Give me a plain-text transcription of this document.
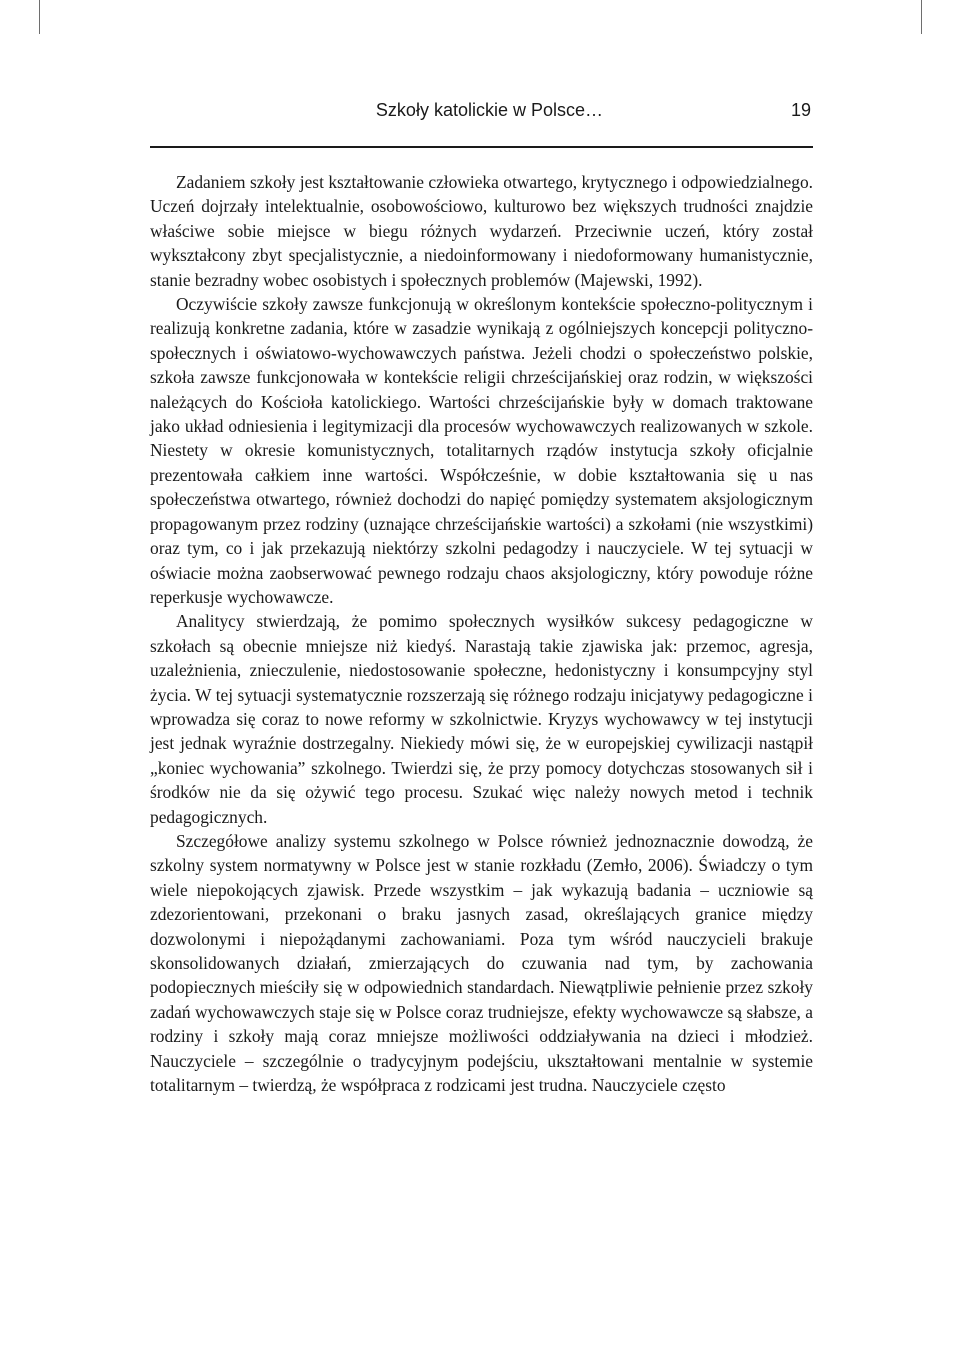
Szkoły katolickie w Polsce…	19

Zadaniem szkoły jest kształtowanie człowieka otwartego, krytycznego i odpowiedzialnego. Uczeń dojrzały intelektualnie, osobowościowo, kulturowo bez większych trudności znajdzie właściwe sobie miejsce w biegu różnych wydarzeń. Przeciwnie uczeń, który został wykształcony zbyt specjalistycznie, a niedoinformowany i niedoformowany humanistycznie, stanie bezradny wobec osobistych i społecznych problemów (Majewski, 1992).

Oczywiście szkoły zawsze funkcjonują w określonym kontekście społeczno-politycznym i realizują konkretne zadania, które w zasadzie wynikają z ogólniejszych koncepcji polityczno-społecznych i oświatowo-wychowawczych państwa. Jeżeli chodzi o społeczeństwo polskie, szkoła zawsze funkcjonowała w kontekście religii chrześcijańskiej oraz rodzin, w większości należących do Kościoła katolickiego. Wartości chrześcijańskie były w domach traktowane jako układ odniesienia i legitymizacji dla procesów wychowawczych realizowanych w szkole. Niestety w okresie komunistycznych, totalitarnych rządów instytucja szkoły oficjalnie prezentowała całkiem inne wartości. Współcześnie, w dobie kształtowania się u nas społeczeństwa otwartego, również dochodzi do napięć pomiędzy systematem aksjologicznym propagowanym przez rodziny (uznające chrześcijańskie wartości) a szkołami (nie wszystkimi) oraz tym, co i jak przekazują niektórzy szkolni pedagodzy i nauczyciele. W tej sytuacji w oświacie można zaobserwować pewnego rodzaju chaos aksjologiczny, który powoduje różne reperkusje wychowawcze.

Analitycy stwierdzają, że pomimo społecznych wysiłków sukcesy pedagogiczne w szkołach są obecnie mniejsze niż kiedyś. Narastają takie zjawiska jak: przemoc, agresja, uzależnienia, znieczulenie, niedostosowanie społeczne, hedonistyczny i konsumpcyjny styl życia. W tej sytuacji systematycznie rozszerzają się różnego rodzaju inicjatywy pedagogiczne i wprowadza się coraz to nowe reformy w szkolnictwie. Kryzys wychowawcy w tej instytucji jest jednak wyraźnie dostrzegalny. Niekiedy mówi się, że w europejskiej cywilizacji nastąpił „koniec wychowania” szkolnego. Twierdzi się, że przy pomocy dotychczas stosowanych sił i środków nie da się ożywić tego procesu. Szukać więc należy nowych metod i technik pedagogicznych.

Szczegółowe analizy systemu szkolnego w Polsce również jednoznacznie dowodzą, że szkolny system normatywny w Polsce jest w stanie rozkładu (Zemło, 2006). Świadczy o tym wiele niepokojących zjawisk. Przede wszystkim – jak wykazują badania – uczniowie są zdezorientowani, przekonani o braku jasnych zasad, określających granice między dozwolonymi i niepożądanymi zachowaniami. Poza tym wśród nauczycieli brakuje skonsolidowanych działań, zmierzających do czuwania nad tym, by zachowania podopiecznych mieściły się w odpowiednich standardach. Niewątpliwie pełnienie przez szkoły zadań wychowawczych staje się w Polsce coraz trudniejsze, efekty wychowawcze są słabsze, a rodziny i szkoły mają coraz mniejsze możliwości oddziaływania na dzieci i młodzież. Nauczyciele – szczególnie o tradycyjnym podejściu, ukształtowani mentalnie w systemie totalitarnym – twierdzą, że współpraca z rodzicami jest trudna. Nauczyciele często
